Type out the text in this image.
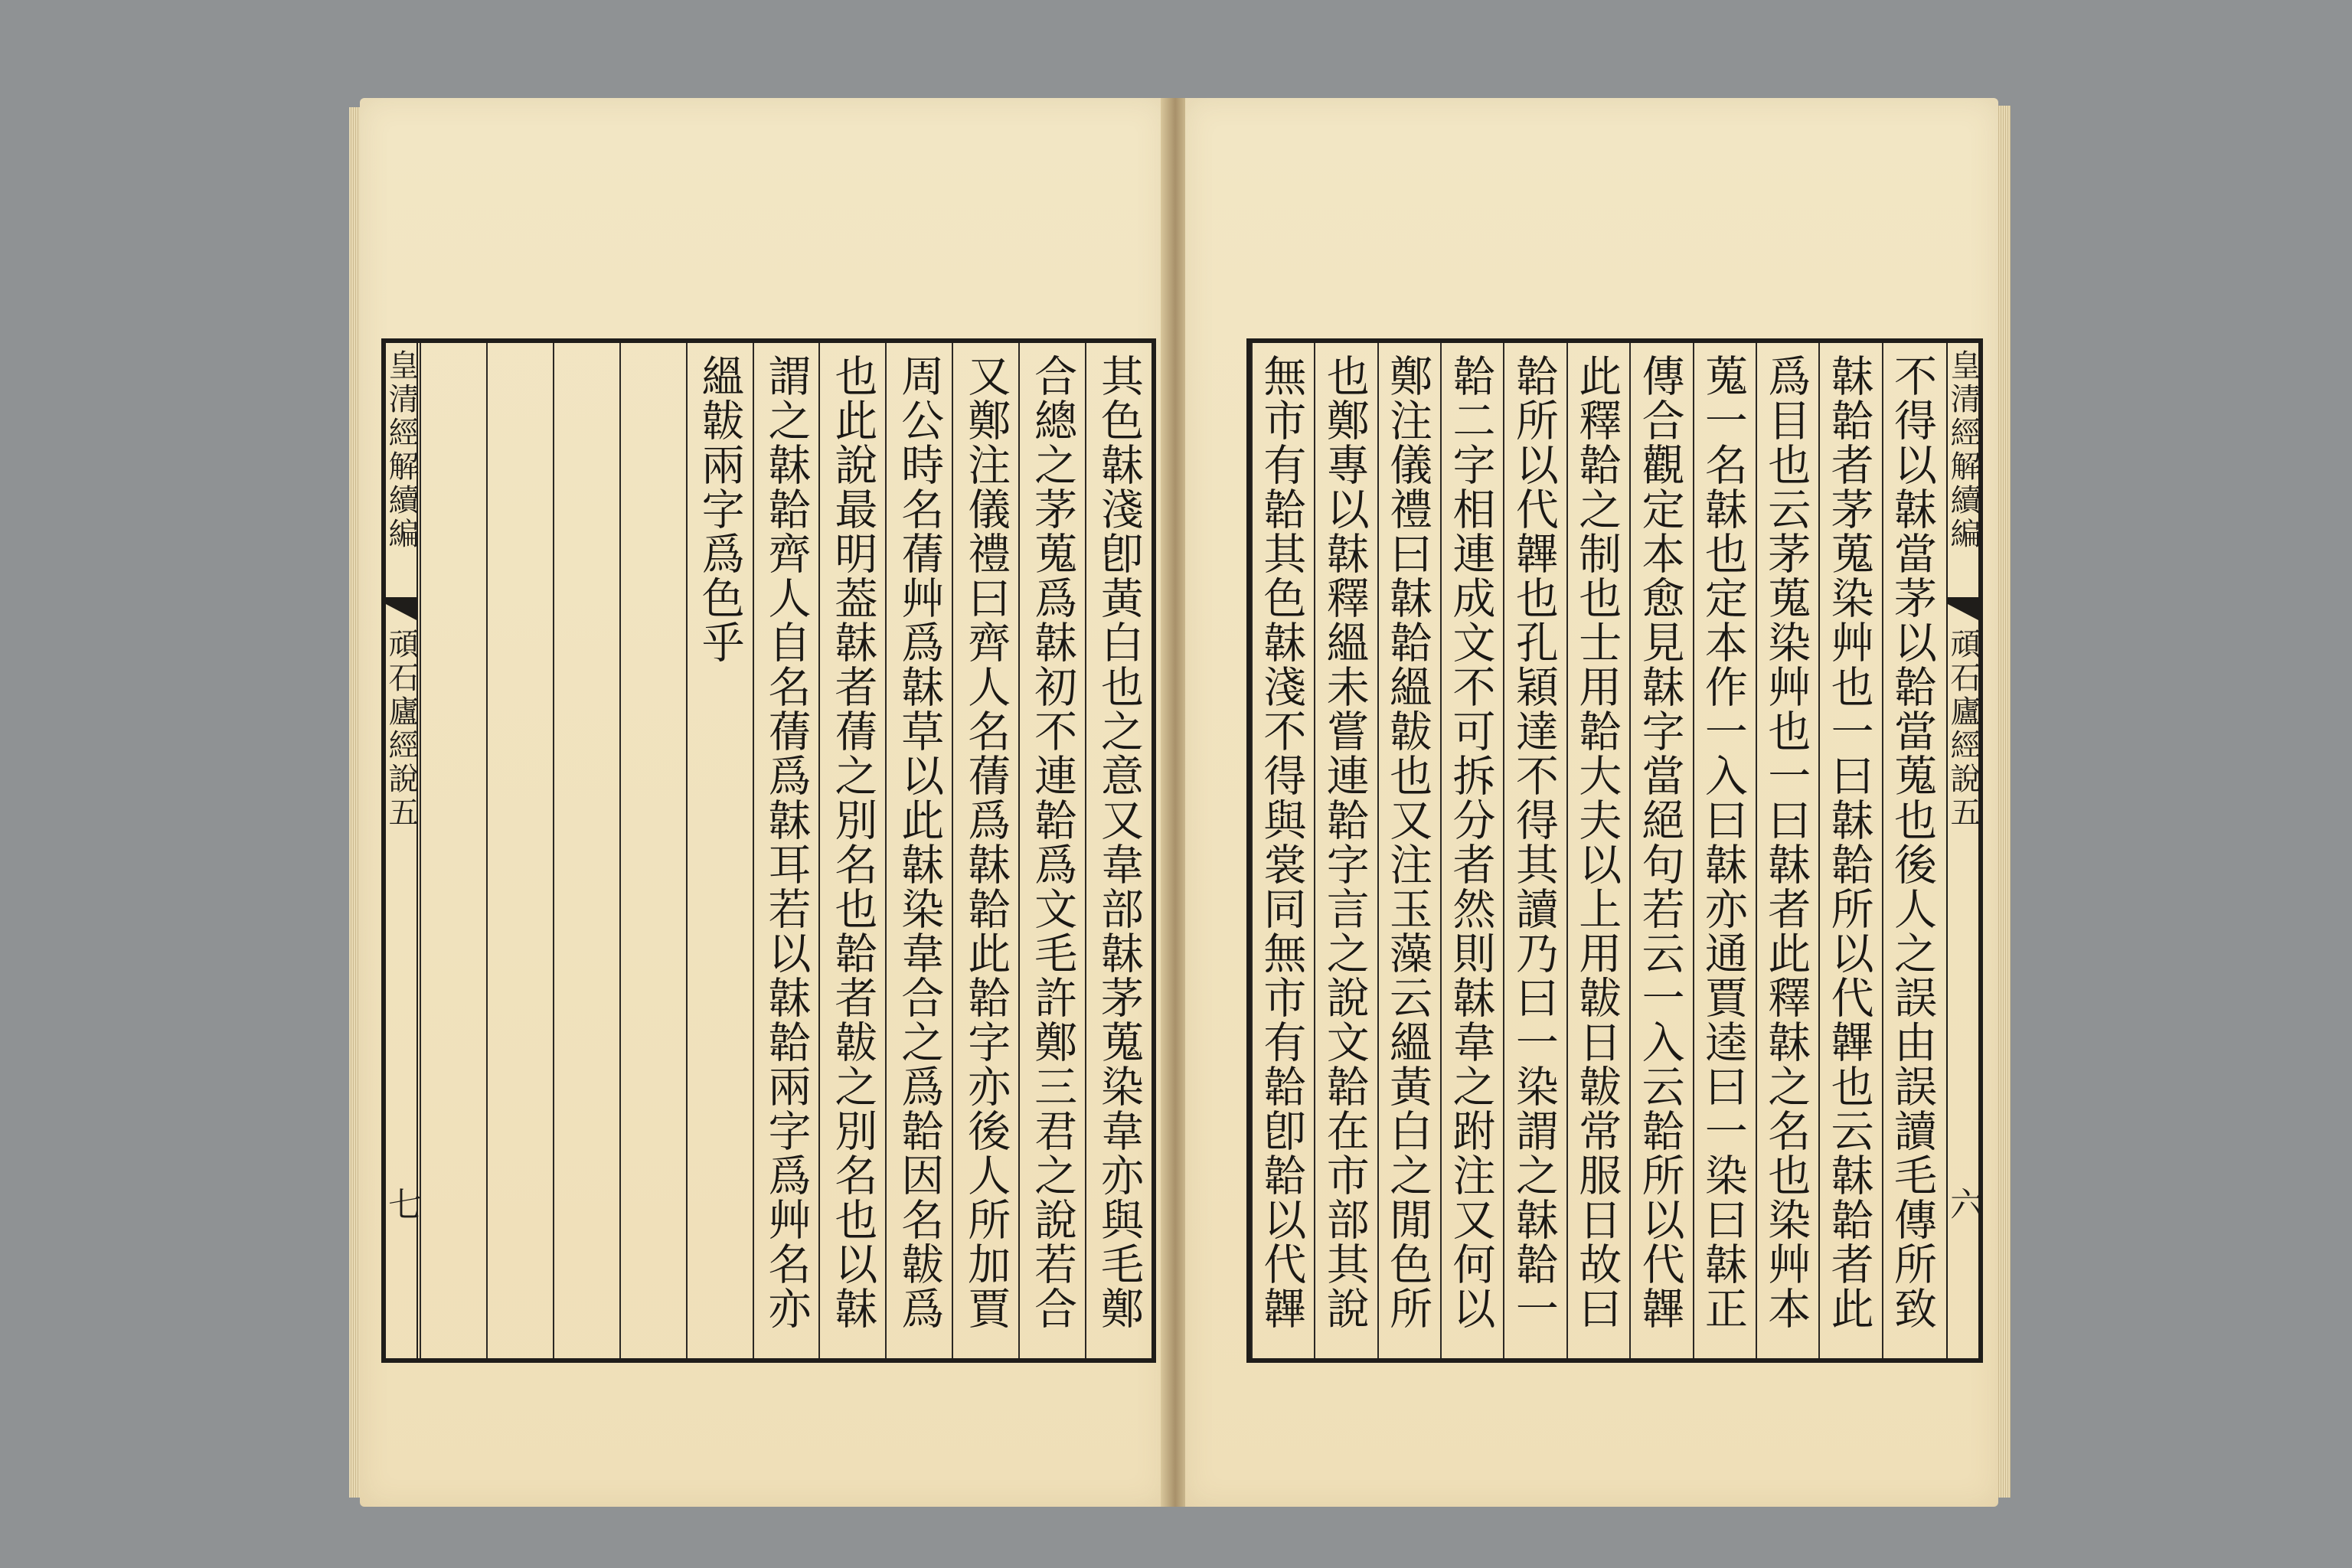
其色韎淺卽黃白也之意又韋部韎茅蒐染韋亦與毛鄭
合總之茅蒐爲韎初不連韐爲文毛許鄭三君之說若合
又鄭注儀禮曰齊人名蒨爲韎韐此韐字亦後人所加賈
周公時名蒨艸爲韎草以此韎染韋合之爲韐因名韍爲
也此說最明葢韎者蒨之別名也韐者韍之別名也以韎
謂之韎韐齊人自名蒨爲韎耳若以韎韐兩字爲艸名亦
縕韍兩字爲色乎
皇清經解續編
頑石廬經說五
七
皇清經解續編
頑石廬經說五
六
不得以韎當茅以韐當蒐也後人之誤由誤讀毛傳所致
韎韐者茅蒐染艸也一曰韎韐所以代韠也云韎韐者此
爲目也云茅蒐染艸也一曰韎者此釋韎之名也染艸本
蒐一名韎也定本作一入曰韎亦通賈逵曰一染曰韎正
傳合觀定本愈見韎字當絕句若云一入云韐所以代韠
此釋韐之制也士用韐大夫以上用韍日韍常服日故曰
韐所以代韠也孔穎達不得其讀乃曰一染謂之韎韐一
韐二字相連成文不可拆分者然則韎韋之跗注又何以
鄭注儀禮曰韎韐縕韍也又注玉藻云縕黃白之閒色所
也鄭專以韎釋縕未嘗連韐字言之說文韐在市部其說
無市有韐其色韎淺不得與裳同無市有韐卽韐以代韠
